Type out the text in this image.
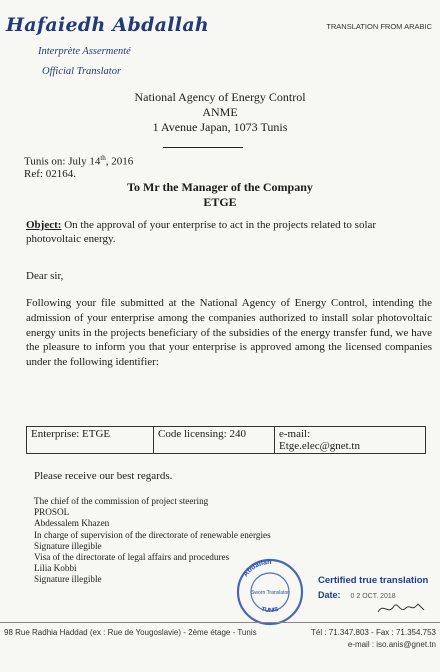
Hafaiedh Abdallah
Interprète Assermenté
Official Translator
TRANSLATION FROM ARABIC
National Agency of Energy Control
ANME
1 Avenue Japan, 1073 Tunis
Tunis on: July 14th, 2016
Ref: 02164.
To Mr the Manager of the Company
ETGE
Object: On the approval of your enterprise to act in the projects related to solar photovoltaic energy.
Dear sir,
Following your file submitted at the National Agency of Energy Control, intending the admission of your enterprise among the companies authorized to install solar photovoltaic energy units in the projects beneficiary of the subsidies of the energy transfer fund, we have the pleasure to inform you that your enterprise is approved among the licensed companies under the following identifier:
Enterprise: ETGE	Code licensing: 240	e-mail:
Etge.elec@gnet.tn
Please receive our best regards.
The chief of the commission of project steering
PROSOL
Abdessalem Khazen
In charge of supervision of the directorate of renewable energies
Signature illegible
Visa of the directorate of legal affairs and procedures
Lilia Kobbi
Signature illegible
Abdallah
TUNIS
Sworn Translator
Certified true translation
Date: 0 2 OCT. 2018
98 Rue Radhia Haddad (ex : Rue de Yougoslavie) - 2ème étage - Tunis	Tél : 71.347.803 - Fax : 71.354.753
e-mail : iso.anis@gnet.tn
